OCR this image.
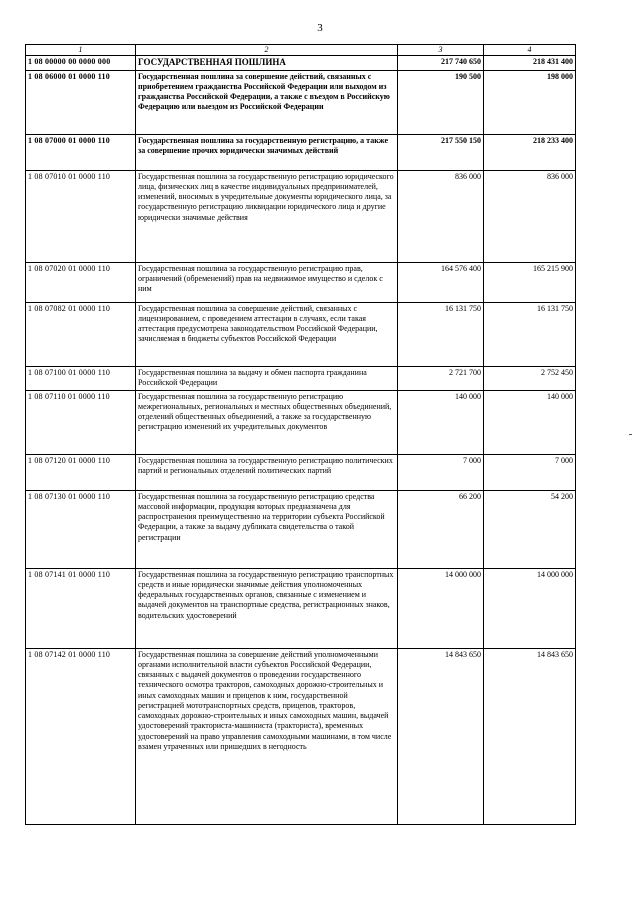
3
1	2	3	4
1 08 00000 00 0000 000	ГОСУДАРСТВЕННАЯ ПОШЛИНА	217 740 650	218 431 400
1 08 06000 01 0000 110	Государственная пошлина за совершение действий, связанных с приобретением гражданства Российской Федерации или выходом из гражданства Российской Федерации, а также с въездом в Российскую Федерацию или выездом из Российской Федерации	190 500	198 000
1 08 07000 01 0000 110	Государственная пошлина за государственную регистрацию, а также за совершение прочих юридически значимых действий	217 550 150	218 233 400
1 08 07010 01 0000 110	Государственная пошлина за государственную регистрацию юридического лица, физических лиц в качестве индивидуальных предпринимателей, изменений, вносимых в учредительные документы юридического лица, за государственную регистрацию ликвидации юридического лица и другие юридически значимые действия	836 000	836 000
1 08 07020 01 0000 110	Государственная пошлина за государственную регистрацию прав, ограничений (обременений) прав на недвижимое имущество и сделок с ним	164 576 400	165 215 900
1 08 07082 01 0000 110	Государственная пошлина за совершение действий, связанных с лицензированием, с проведением аттестации в случаях, если такая аттестация предусмотрена законодательством Российской Федерации, зачисляемая в бюджеты субъектов Российской Федерации	16 131 750	16 131 750
1 08 07100 01 0000 110	Государственная пошлина за выдачу и обмен паспорта гражданина Российской Федерации	2 721 700	2 752 450
1 08 07110 01 0000 110	Государственная пошлина за государственную регистрацию межрегиональных, региональных и местных общественных объединений, отделений общественных объединений, а также за государственную регистрацию изменений их учредительных документов	140 000	140 000
1 08 07120 01 0000 110	Государственная пошлина за государственную регистрацию политических партий и региональных отделений политических партий	7 000	7 000
1 08 07130 01 0000 110	Государственная пошлина за государственную регистрацию средства массовой информации, продукция которых предназначена для распространения преимущественно на территории субъекта Российской Федерации, а также за выдачу дубликата свидетельства о такой регистрации	66 200	54 200
1 08 07141 01 0000 110	Государственная пошлина за государственную регистрацию транспортных средств и иные юридически значимые действия уполномоченных федеральных государственных органов, связанные с изменением и выдачей документов на транспортные средства, регистрационных знаков, водительских удостоверений	14 000 000	14 000 000
1 08 07142 01 0000 110	Государственная пошлина за совершение действий уполномоченными органами исполнительной власти субъектов Российской Федерации, связанных с выдачей документов о проведении государственного технического осмотра тракторов, самоходных дорожно-строительных и иных самоходных машин и прицепов к ним, государственной регистрацией мототранспортных средств, прицепов, тракторов, самоходных дорожно-строительных и иных самоходных машин, выдачей удостоверений тракториста-машиниста (тракториста), временных удостоверений на право управления самоходными машинами, в том числе взамен утраченных или пришедших в негодность	14 843 650	14 843 650
